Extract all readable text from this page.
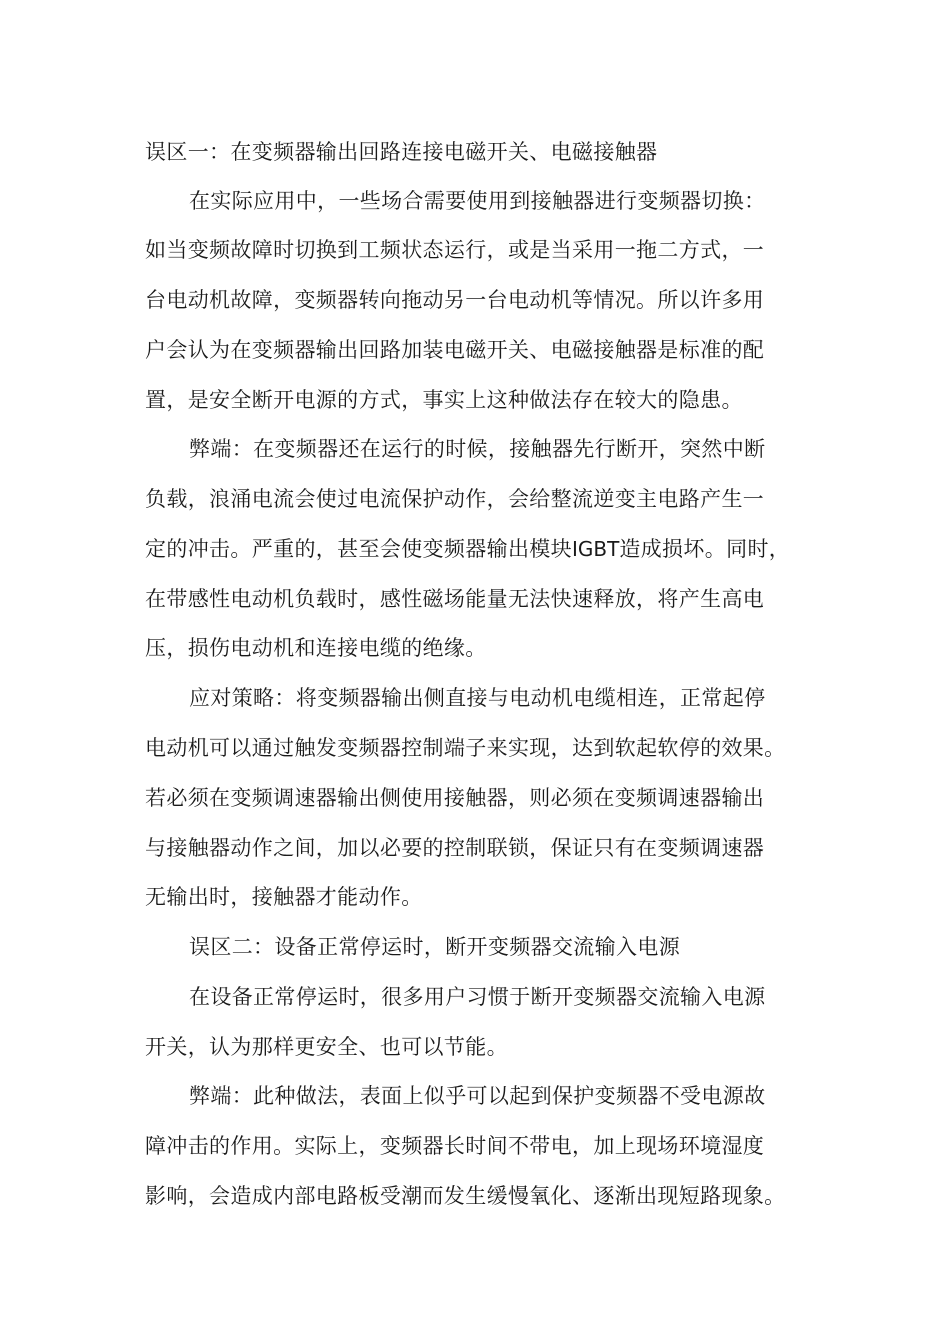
误区一：在变频器输出回路连接电磁开关、电磁接触器
在实际应用中，一些场合需要使用到接触器进行变频器切换：
如当变频故障时切换到工频状态运行，或是当采用一拖二方式，一
台电动机故障，变频器转向拖动另一台电动机等情况。所以许多用
户会认为在变频器输出回路加装电磁开关、电磁接触器是标准的配
置，是安全断开电源的方式，事实上这种做法存在较大的隐患。
弊端：在变频器还在运行的时候，接触器先行断开，突然中断
负载，浪涌电流会使过电流保护动作，会给整流逆变主电路产生一
定的冲击。严重的，甚至会使变频器输出模块IGBT造成损坏。同时，
在带感性电动机负载时，感性磁场能量无法快速释放，将产生高电
压，损伤电动机和连接电缆的绝缘。
应对策略：将变频器输出侧直接与电动机电缆相连，正常起停
电动机可以通过触发变频器控制端子来实现，达到软起软停的效果。
若必须在变频调速器输出侧使用接触器，则必须在变频调速器输出
与接触器动作之间，加以必要的控制联锁，保证只有在变频调速器
无输出时，接触器才能动作。
误区二：设备正常停运时，断开变频器交流输入电源
在设备正常停运时，很多用户习惯于断开变频器交流输入电源
开关，认为那样更安全、也可以节能。
弊端：此种做法，表面上似乎可以起到保护变频器不受电源故
障冲击的作用。实际上，变频器长时间不带电，加上现场环境湿度
影响，会造成内部电路板受潮而发生缓慢氧化、逐渐出现短路现象。
